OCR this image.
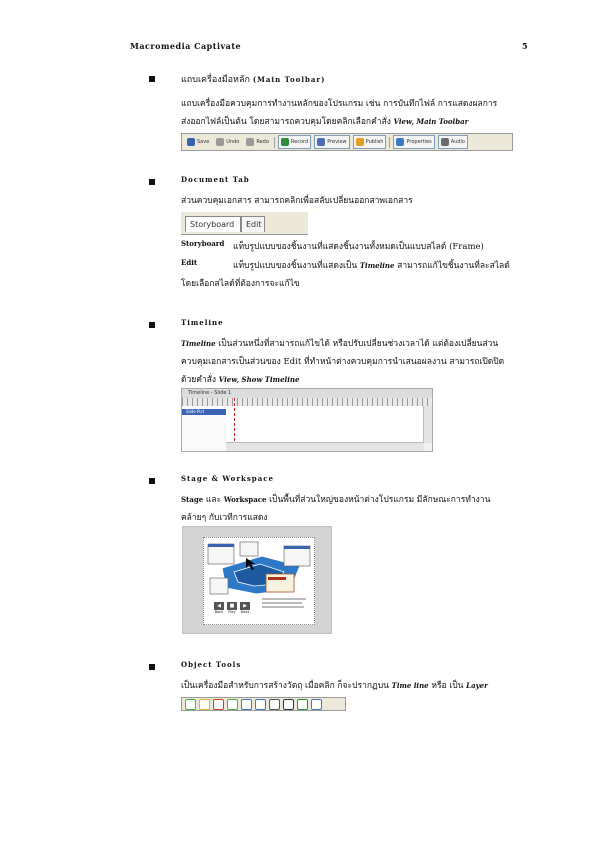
Macromedia Captivate	5
แถบเครื่องมือหลัก (Main Toolbar)
แถบเครื่องมือควบคุมการทำงานหลักของโปรแกรม เช่น การบันทึกไฟล์ การแสดงผลการ
ส่งออกไฟล์เป็นต้น โดยสามารถควบคุมโดยคลิกเลือกคำสั่ง View, Main Toolbar
Save	Undo	Redo	Record	Preview	Publish	Properties	Audio
Document Tab
ส่วนควบคุมเอกสาร สามารถคลิกเพื่อสลับเปลี่ยนออกสาพเอกสาร
Storyboard	Edit
Storyboard แท็บรูปแบบของชิ้นงานที่แสดงชิ้นงานทั้งหมดเป็นแบบสไลด์ (Frame)
Edit	แท็บรูปแบบของชิ้นงานที่แสดงเป็น Timeline สามารถแก้ไขชิ้นงานที่ละสไลด์
โดยเลือกสไลด์ที่ต้องการจะแก้ไข
Timeline
Timeline เป็นส่วนหนึ่งที่สามารถแก้ไขได้ หรือปรับเปลี่ยนช่วงเวลาได้ แต่ต้องเปลี่ยนส่วน
ควบคุมเอกสารเป็นส่วนของ Edit ที่ทำหน้าต่างควบคุมการนำเสนอผลงาน สามารถเปิดปิด
ด้วยคำสั่ง View, Show Timeline
Timeline - Slide 1
Slide Pict
Stage & Workspace
Stage และ Workspace เป็นพื้นที่ส่วนใหญ่ของหน้าต่างโปรแกรม มีลักษณะการทำงาน
คล้ายๆ กับเวทีการแสดง
◀
Back
■
Play
▶
Next
Object Tools
เป็นเครื่องมือสำหรับการสร้างวัตถุ เมื่อคลิก ก็จะปรากฏบน Time line หรือ เป็น Layer
